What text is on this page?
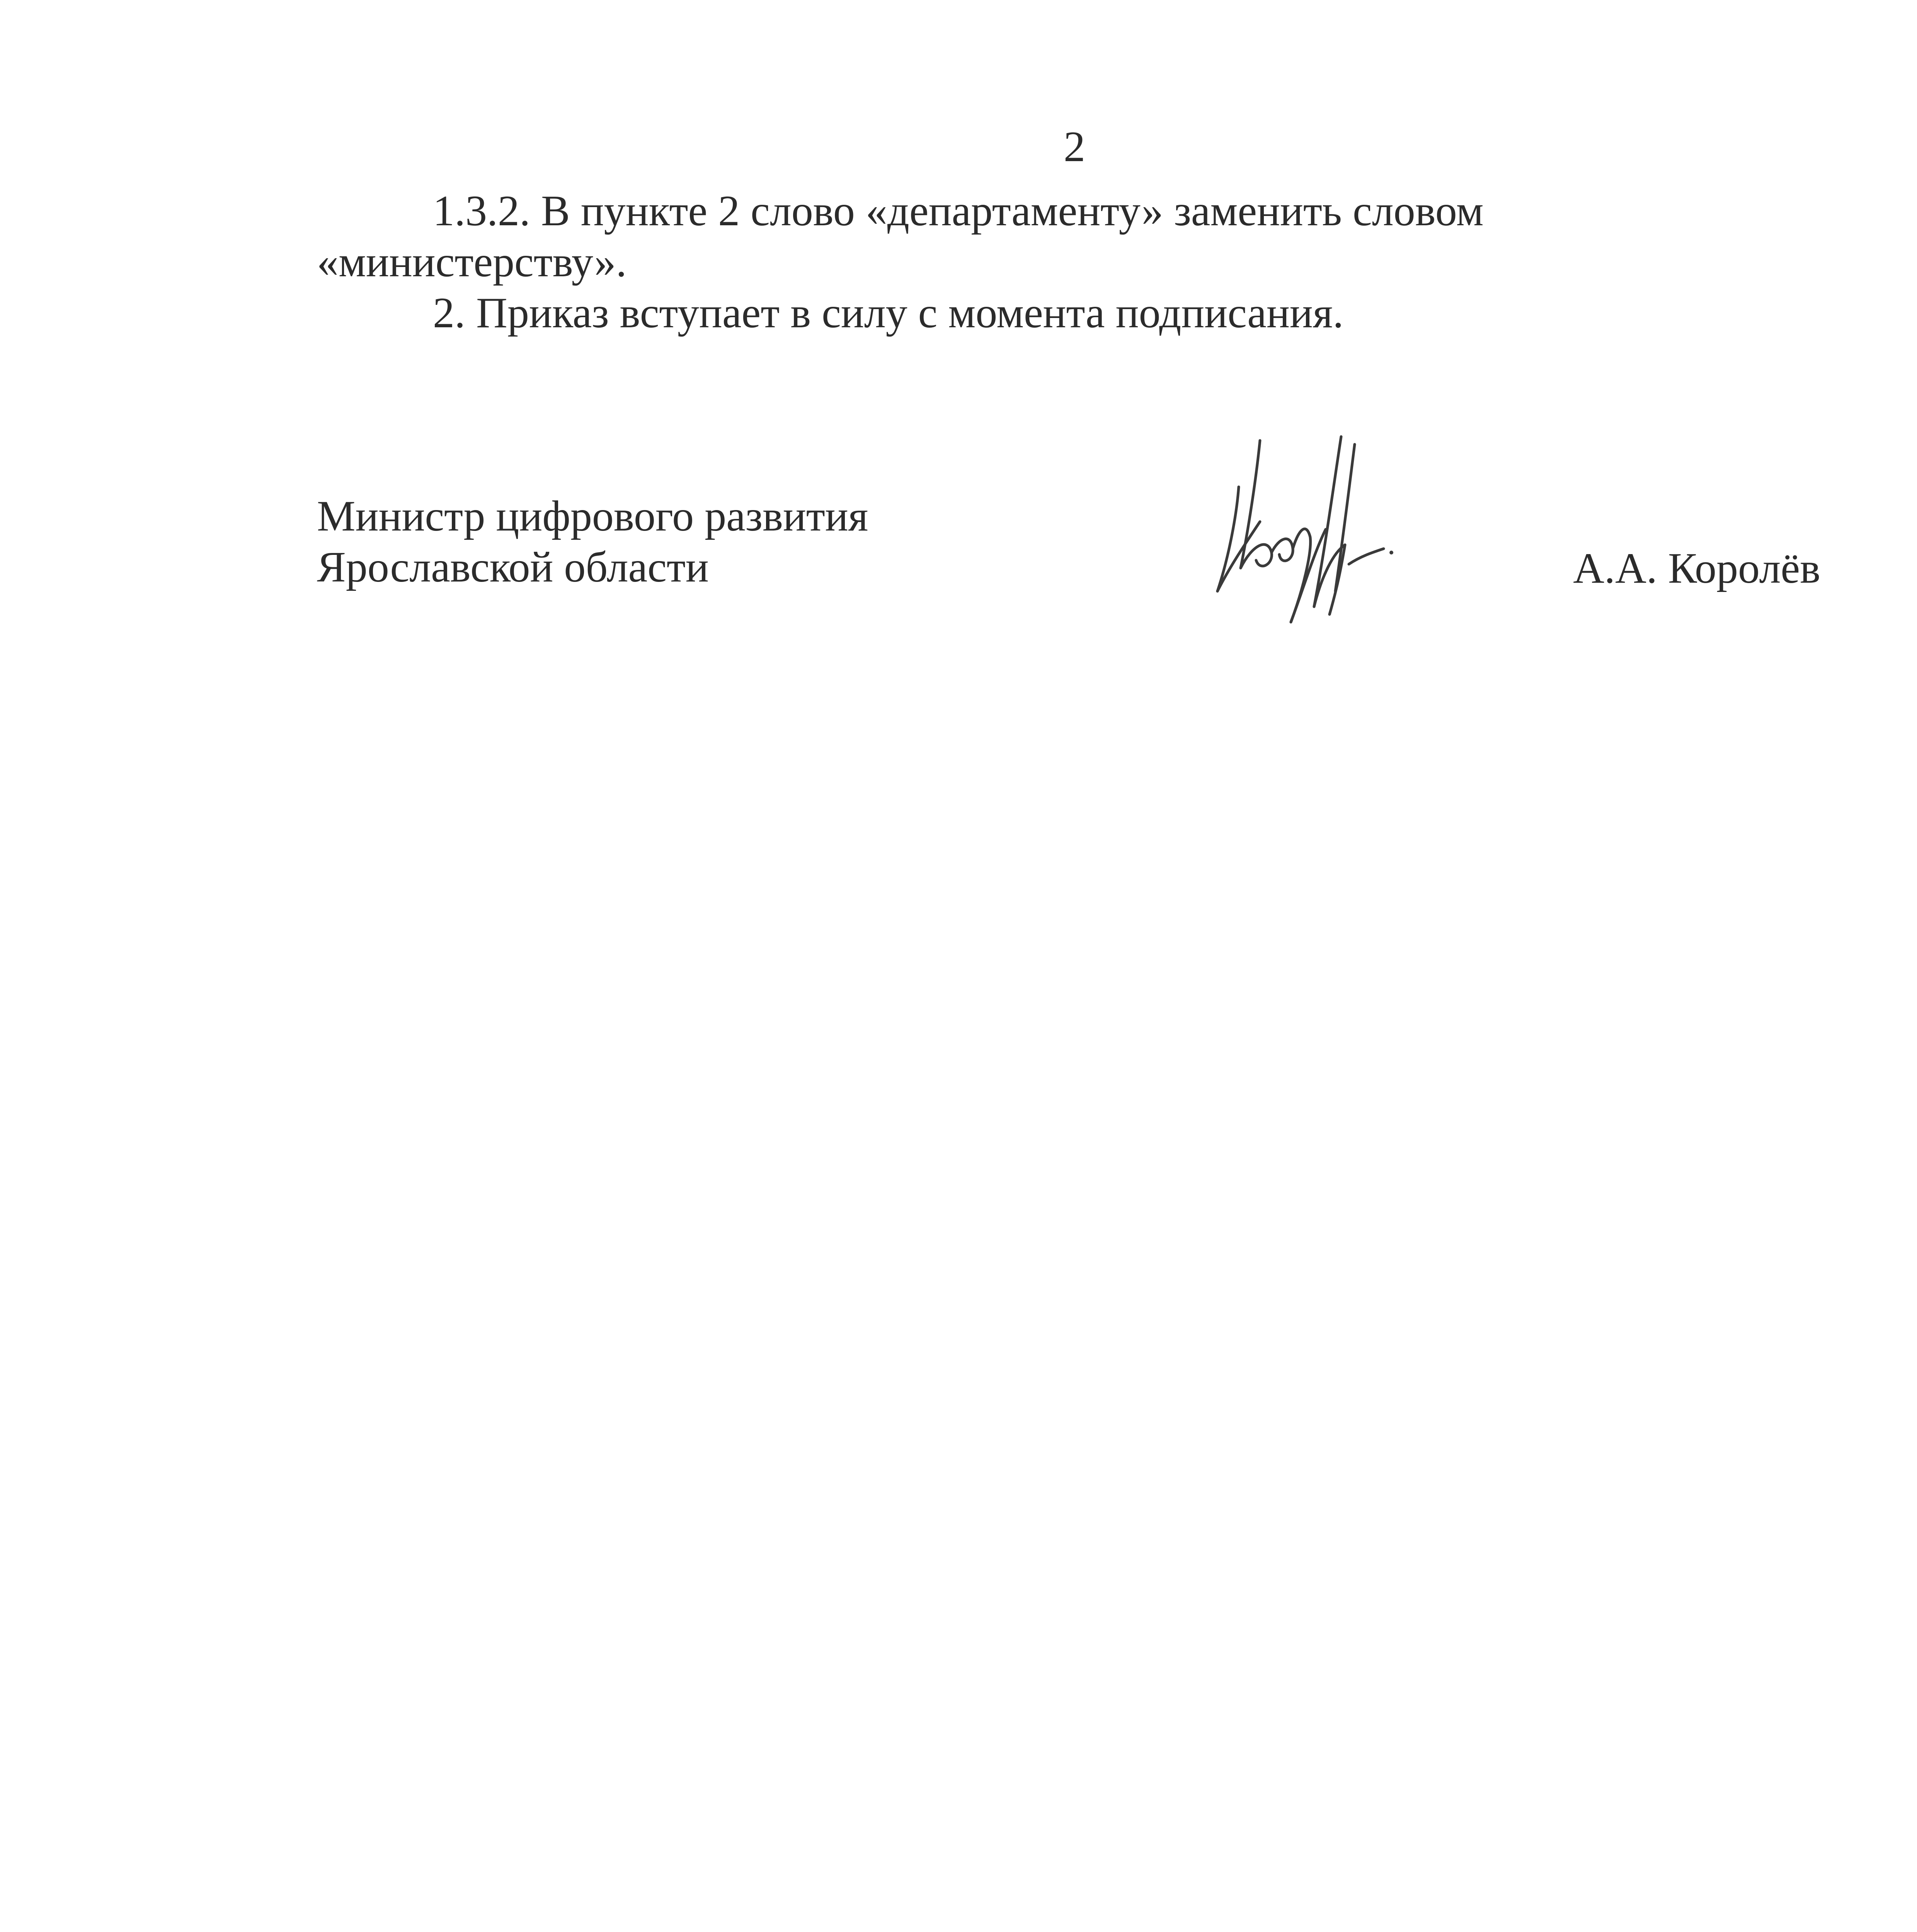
2

1.3.2. В пункте 2 слово «департаменту» заменить словом
«министерству».

2. Приказ вступает в силу с момента подписания.

Министр цифрового развития
Ярославской области	А.А. Королёв
